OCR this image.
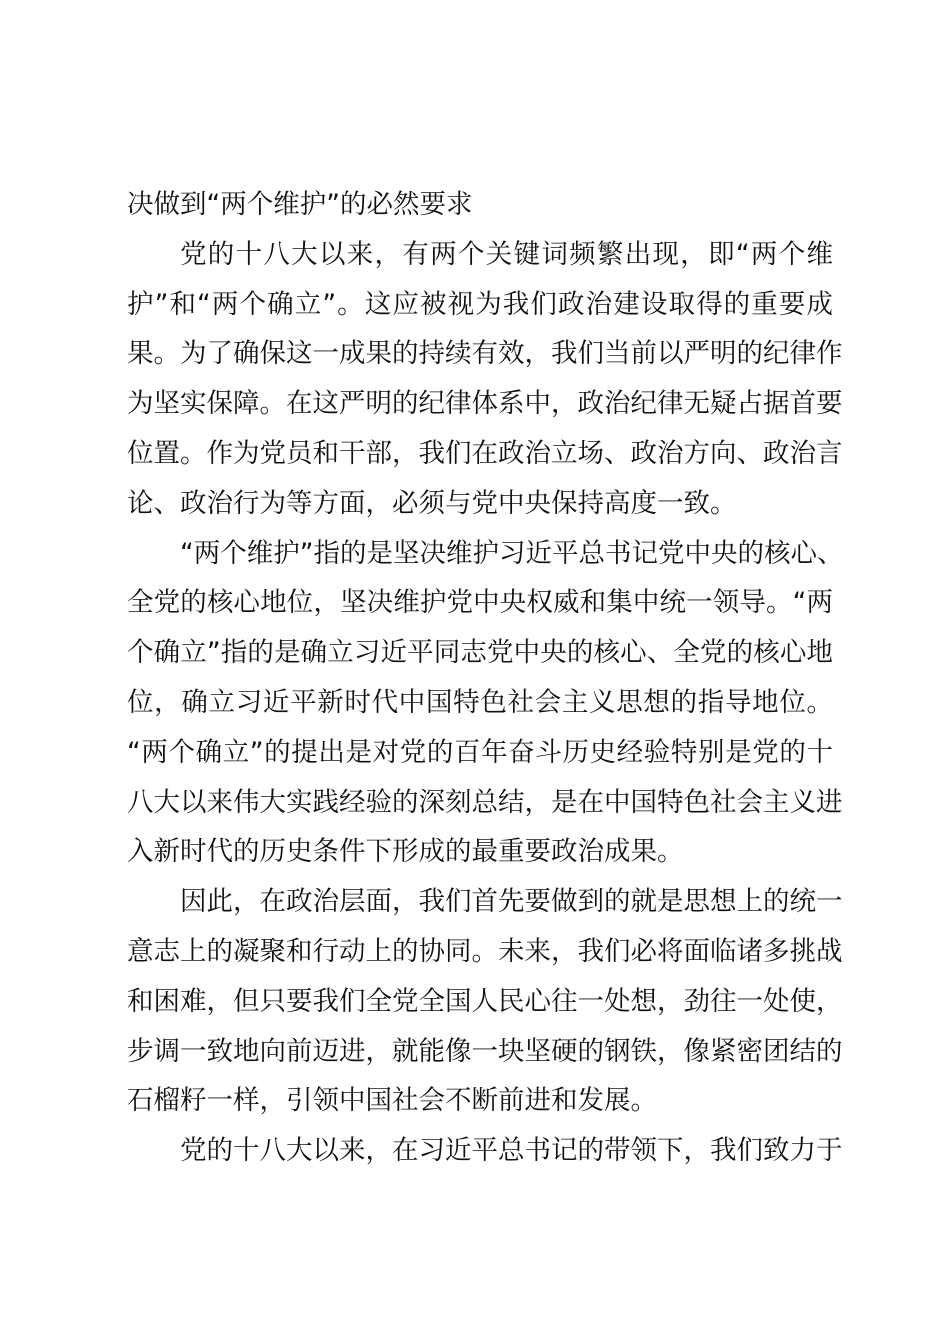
决做到“两个维护”的必然要求
党的十八大以来，有两个关键词频繁出现，即“两个维
护”和“两个确立”。这应被视为我们政治建设取得的重要成
果。为了确保这一成果的持续有效，我们当前以严明的纪律作
为坚实保障。在这严明的纪律体系中，政治纪律无疑占据首要
位置。作为党员和干部，我们在政治立场、政治方向、政治言
论、政治行为等方面，必须与党中央保持高度一致。
“两个维护”指的是坚决维护习近平总书记党中央的核心、
全党的核心地位，坚决维护党中央权威和集中统一领导。“两
个确立”指的是确立习近平同志党中央的核心、全党的核心地
位，确立习近平新时代中国特色社会主义思想的指导地位。
“两个确立”的提出是对党的百年奋斗历史经验特别是党的十
八大以来伟大实践经验的深刻总结，是在中国特色社会主义进
入新时代的历史条件下形成的最重要政治成果。
因此，在政治层面，我们首先要做到的就是思想上的统一
意志上的凝聚和行动上的协同。未来，我们必将面临诸多挑战
和困难，但只要我们全党全国人民心往一处想，劲往一处使，
步调一致地向前迈进，就能像一块坚硬的钢铁，像紧密团结的
石榴籽一样，引领中国社会不断前进和发展。
党的十八大以来，在习近平总书记的带领下，我们致力于
